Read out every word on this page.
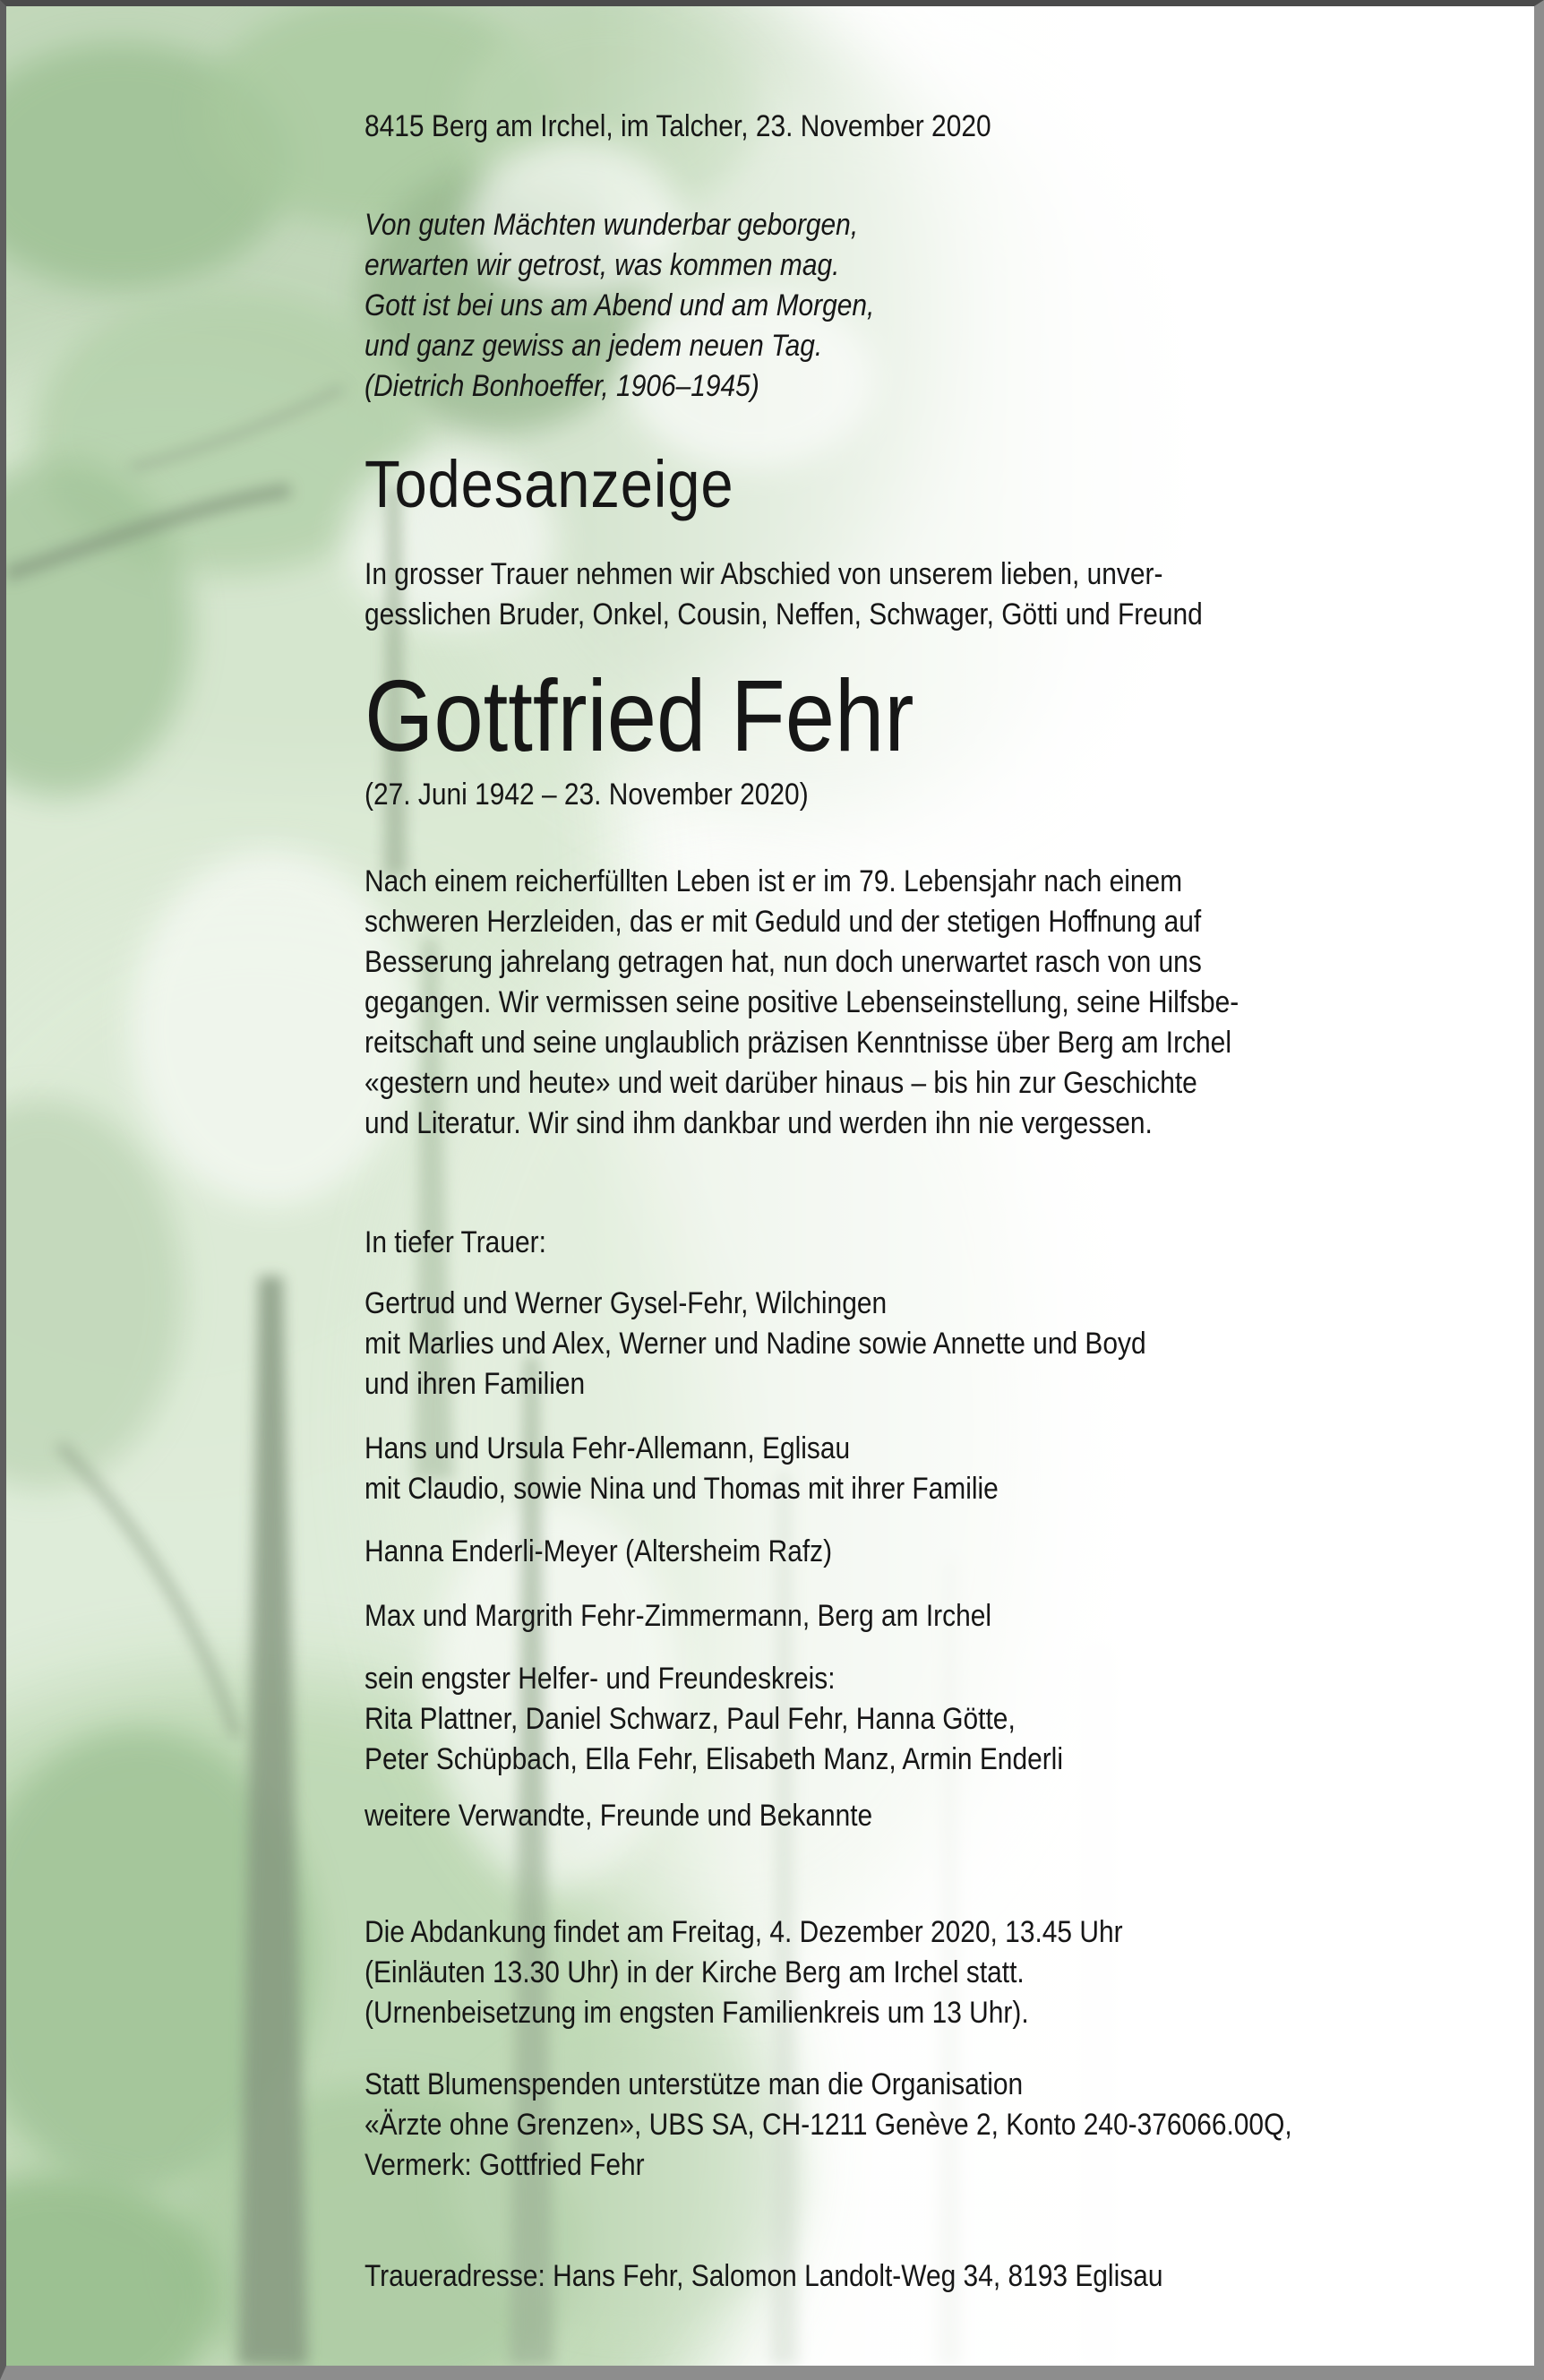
8415 Berg am Irchel, im Talcher, 23. November 2020
Von guten Mächten wunderbar geborgen,
erwarten wir getrost, was kommen mag.
Gott ist bei uns am Abend und am Morgen,
und ganz gewiss an jedem neuen Tag.
(Dietrich Bonhoeffer, 1906–1945)
Todesanzeige
In grosser Trauer nehmen wir Abschied von unserem lieben, unver-
gesslichen Bruder, Onkel, Cousin, Neffen, Schwager, Götti und Freund
Gottfried Fehr
(27. Juni 1942 – 23. November 2020)
Nach einem reicherfüllten Leben ist er im 79. Lebensjahr nach einem
schweren Herzleiden, das er mit Geduld und der stetigen Hoffnung auf
Besserung jahrelang getragen hat, nun doch unerwartet rasch von uns
gegangen. Wir vermissen seine positive Lebenseinstellung, seine Hilfsbe-
reitschaft und seine unglaublich präzisen Kenntnisse über Berg am Irchel
«gestern und heute» und weit darüber hinaus – bis hin zur Geschichte
und Literatur. Wir sind ihm dankbar und werden ihn nie vergessen.
In tiefer Trauer:
Gertrud und Werner Gysel-Fehr, Wilchingen
mit Marlies und Alex, Werner und Nadine sowie Annette und Boyd
und ihren Familien
Hans und Ursula Fehr-Allemann, Eglisau
mit Claudio, sowie Nina und Thomas mit ihrer Familie
Hanna Enderli-Meyer (Altersheim Rafz)
Max und Margrith Fehr-Zimmermann, Berg am Irchel
sein engster Helfer- und Freundeskreis:
Rita Plattner, Daniel Schwarz, Paul Fehr, Hanna Götte,
Peter Schüpbach, Ella Fehr, Elisabeth Manz, Armin Enderli
weitere Verwandte, Freunde und Bekannte
Die Abdankung findet am Freitag, 4. Dezember 2020, 13.45 Uhr
(Einläuten 13.30 Uhr) in der Kirche Berg am Irchel statt.
(Urnenbeisetzung im engsten Familienkreis um 13 Uhr).
Statt Blumenspenden unterstütze man die Organisation
«Ärzte ohne Grenzen», UBS SA, CH-1211 Genève 2, Konto 240-376066.00Q,
Vermerk: Gottfried Fehr
Traueradresse: Hans Fehr, Salomon Landolt-Weg 34, 8193 Eglisau
